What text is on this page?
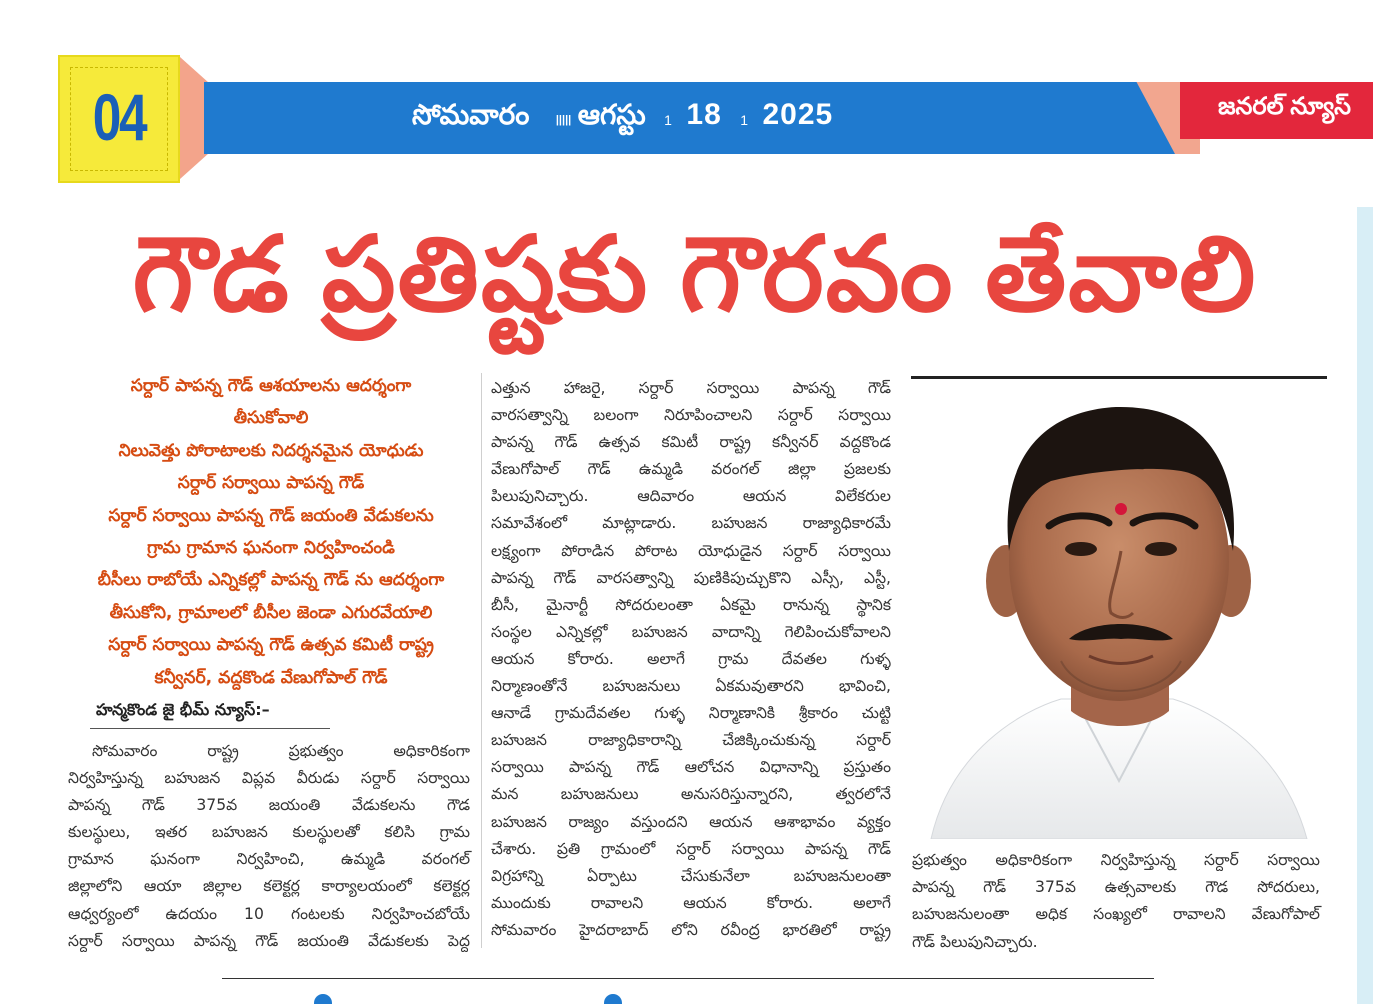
04	జనరల్ న్యూస్
సోమవారం ||||| ఆగస్టు 1 18 1 2025
గౌడ ప్రతిష్టకు గౌరవం తేవాలి
సర్దార్ పాపన్న గౌడ్ ఆశయాలను ఆదర్శంగా
తీసుకోవాలి
నిలువెత్తు పోరాటాలకు నిదర్శనమైన యోధుడు
సర్దార్ సర్వాయి పాపన్న గౌడ్
సర్దార్ సర్వాయి పాపన్న గౌడ్ జయంతి వేడుకలను
గ్రామ గ్రామాన ఘనంగా నిర్వహించండి
బీసీలు రాబోయే ఎన్నికల్లో పాపన్న గౌడ్ ను ఆదర్శంగా
తీసుకోని, గ్రామాలలో బీసీల జెండా ఎగురవేయాలి
సర్దార్ సర్వాయి పాపన్న గౌడ్ ఉత్సవ కమిటీ రాష్ట్ర
కన్వీనర్, వద్దకొండ వేణుగోపాల్ గౌడ్
హన్మకొండ జై భీమ్ న్యూస్:–
సోమవారం రాష్ట్ర ప్రభుత్వం అధికారికంగా
నిర్వహిస్తున్న బహుజన విప్లవ వీరుడు సర్దార్ సర్వాయి
పాపన్న గౌడ్ 375వ జయంతి వేడుకలను గౌడ
కులస్థులు, ఇతర బహుజన కులస్థులతో కలిసి గ్రామ
గ్రామాన ఘనంగా నిర్వహించి, ఉమ్మడి వరంగల్
జిల్లాలోని ఆయా జిల్లాల కలెక్టర్ల కార్యాలయంలో కలెక్టర్ల
ఆధ్వర్యంలో ఉదయం 10 గంటలకు నిర్వహించబోయే
సర్దార్ సర్వాయి పాపన్న గౌడ్ జయంతి వేడుకలకు పెద్ద
ఎత్తున హాజరై, సర్దార్ సర్వాయి పాపన్న గౌడ్
వారసత్వాన్ని బలంగా నిరూపించాలని సర్దార్ సర్వాయి
పాపన్న గౌడ్ ఉత్సవ కమిటీ రాష్ట్ర కన్వీనర్ వద్దకొండ
వేణుగోపాల్ గౌడ్ ఉమ్మడి వరంగల్ జిల్లా ప్రజలకు
పిలుపునిచ్చారు. ఆదివారం ఆయన విలేకరుల
సమావేశంలో మాట్లాడారు. బహుజన రాజ్యాధికారమే
లక్ష్యంగా పోరాడిన పోరాట యోధుడైన సర్దార్ సర్వాయి
పాపన్న గౌడ్ వారసత్వాన్ని పుణికిపుచ్చుకొని ఎస్సీ, ఎస్టీ,
బీసీ, మైనార్టీ సోదరులంతా ఏకమై రానున్న స్థానిక
సంస్థల ఎన్నికల్లో బహుజన వాదాన్ని గెలిపించుకోవాలని
ఆయన కోరారు. అలాగే గ్రామ దేవతల గుళ్ళ
నిర్మాణంతోనే బహుజనులు ఏకమవుతారని భావించి,
ఆనాడే గ్రామదేవతల గుళ్ళ నిర్మాణానికి శ్రీకారం చుట్టి
బహుజన రాజ్యాధికారాన్ని చేజిక్కించుకున్న సర్దార్
సర్వాయి పాపన్న గౌడ్ ఆలోచన విధానాన్ని ప్రస్తుతం
మన బహుజనులు అనుసరిస్తున్నారని, త్వరలోనే
బహుజన రాజ్యం వస్తుందని ఆయన ఆశాభావం వ్యక్తం
చేశారు. ప్రతి గ్రామంలో సర్దార్ సర్వాయి పాపన్న గౌడ్
విగ్రహాన్ని ఏర్పాటు చేసుకునేలా బహుజనులంతా
ముందుకు రావాలని ఆయన కోరారు. అలాగే
సోమవారం హైదరాబాద్ లోని రవీంద్ర భారతిలో రాష్ట్ర
ప్రభుత్వం అధికారికంగా నిర్వహిస్తున్న సర్దార్ సర్వాయి
పాపన్న గౌడ్ 375వ ఉత్సవాలకు గౌడ సోదరులు,
బహుజనులంతా అధిక సంఖ్యలో రావాలని వేణుగోపాల్
గౌడ్ పిలుపునిచ్చారు.
